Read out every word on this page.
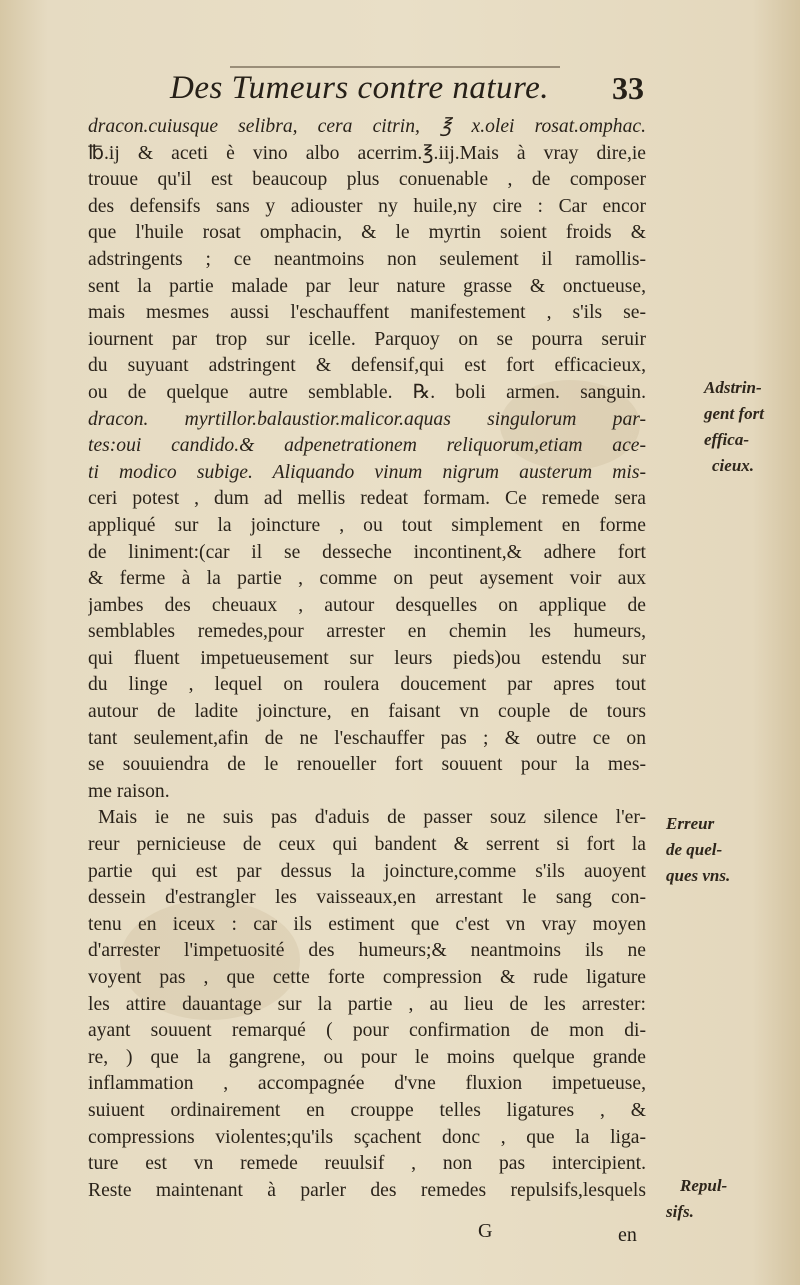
Des Tumeurs contre nature.	33
dracon.cuiusque selibra, cera citrin, ℥ x.olei rosat.omphac.
℔.ij & aceti è vino albo acerrim.℥.iij.Mais à vray dire,ie
trouue qu'il est beaucoup plus conuenable , de composer
des defensifs sans y adiouster ny huile,ny cire : Car encor
que l'huile rosat omphacin, & le myrtin soient froids &
adstringents ; ce neantmoins non seulement il ramollis-
sent la partie malade par leur nature grasse & onctueuse,
mais mesmes aussi l'eschauffent manifestement , s'ils se-
iournent par trop sur icelle. Parquoy on se pourra seruir
du suyuant adstringent & defensif,qui est fort efficacieux,
ou de quelque autre semblable. ℞. boli armen. sanguin.
dracon. myrtillor.balaustior.malicor.aquas singulorum par-
tes:oui candido.& adpenetrationem reliquorum,etiam ace-
ti modico subige. Aliquando vinum nigrum austerum mis-
ceri potest , dum ad mellis redeat formam. Ce remede sera
appliqué sur la joincture , ou tout simplement en forme
de liniment:(car il se desseche incontinent,& adhere fort
& ferme à la partie , comme on peut aysement voir aux
jambes des cheuaux , autour desquelles on applique de
semblables remedes,pour arrester en chemin les humeurs,
qui fluent impetueusement sur leurs pieds)ou estendu sur
du linge , lequel on roulera doucement par apres tout
autour de ladite joincture, en faisant vn couple de tours
tant seulement,afin de ne l'eschauffer pas ; & outre ce on
se souuiendra de le renoueller fort souuent pour la mes-
me raison.
Mais ie ne suis pas d'aduis de passer souz silence l'er-
reur pernicieuse de ceux qui bandent & serrent si fort la
partie qui est par dessus la joincture,comme s'ils auoyent
dessein d'estrangler les vaisseaux,en arrestant le sang con-
tenu en iceux : car ils estiment que c'est vn vray moyen
d'arrester l'impetuosité des humeurs;& neantmoins ils ne
voyent pas , que cette forte compression & rude ligature
les attire dauantage sur la partie , au lieu de les arrester:
ayant souuent remarqué ( pour confirmation de mon di-
re, ) que la gangrene, ou pour le moins quelque grande
inflammation , accompagnée d'vne fluxion impetueuse,
suiuent ordinairement en crouppe telles ligatures , &
compressions violentes;qu'ils sçachent donc , que la liga-
ture est vn remede reuulsif , non pas intercipient.
Reste maintenant à parler des remedes repulsifs,lesquels
Adstrin-
gent fort
effica-
cieux.
Erreur
de quel-
ques vns.
Repul-
sifs.
G	en
